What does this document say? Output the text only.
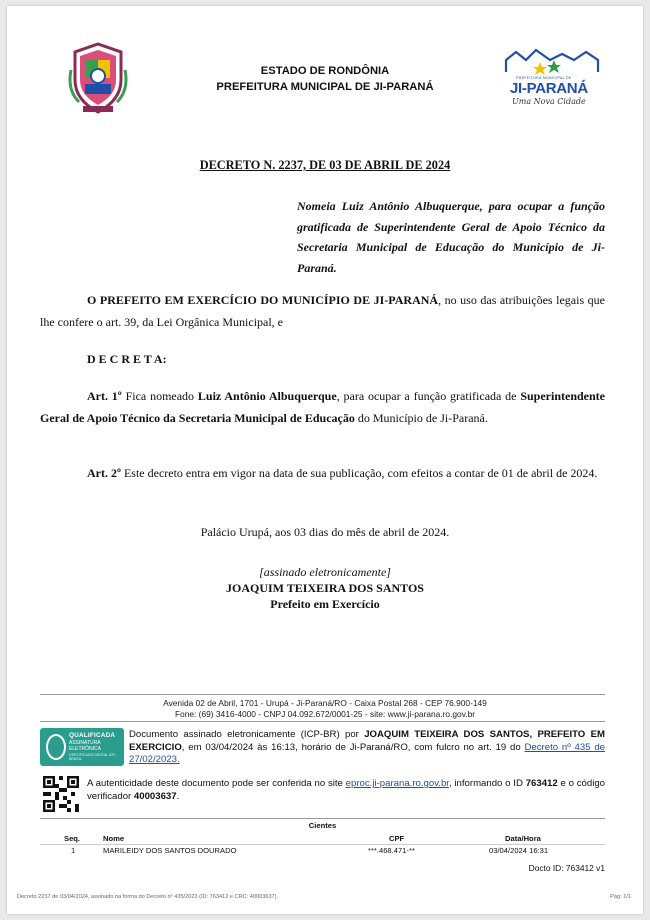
ESTADO DE RONDÔNIA
PREFEITURA MUNICIPAL DE JI-PARANÁ
PREFEITURA MUNICIPAL DE
JI-PARANÁ
Uma Nova Cidade
DECRETO N. 2237, DE 03 DE ABRIL DE 2024
Nomeia Luiz Antônio Albuquerque, para ocupar a função gratificada de Superintendente Geral de Apoio Técnico da Secretaria Municipal de Educação do Município de Ji-Paraná.
O PREFEITO EM EXERCÍCIO DO MUNICÍPIO DE JI-PARANÁ, no uso das atribuições legais que lhe confere o art. 39, da Lei Orgânica Municipal, e
D E C R E T A:
Art. 1º Fica nomeado Luiz Antônio Albuquerque, para ocupar a função gratificada de Superintendente Geral de Apoio Técnico da Secretaria Municipal de Educação do Município de Ji-Paraná.
Art. 2º Este decreto entra em vigor na data de sua publicação, com efeitos a contar de 01 de abril de 2024.
Palácio Urupá, aos 03 dias do mês de abril de 2024.
[assinado eletronicamente]
JOAQUIM TEIXEIRA DOS SANTOS
Prefeito em Exercício
Avenida 02 de Abril, 1701 - Urupá - Ji-Paraná/RO - Caixa Postal 268 - CEP 76.900-149
Fone: (69) 3416-4000 - CNPJ 04.092.672/0001-25 - site: www.ji-parana.ro.gov.br
QUALIFICADA
ASSINATURA ELETRÔNICA
CERTIFICADO DIGITAL ICP - BRASIL
Documento assinado eletronicamente (ICP-BR) por JOAQUIM TEIXEIRA DOS SANTOS, PREFEITO EM EXERCICIO, em 03/04/2024 às 16:13, horário de Ji-Paraná/RO, com fulcro no art. 19 do Decreto nº 435 de 27/02/2023.
A autenticidade deste documento pode ser conferida no site eproc.ji-parana.ro.gov.br, informando o ID 763412 e o código verificador 40003637.
Cientes
Seq.	Nome	CPF	Data/Hora
1	MARILEIDY DOS SANTOS DOURADO	***.468.471-**	03/04/2024 16:31
Docto ID: 763412 v1
Decreto 2237 de 03/04/2024, assinado na forma do Decreto nº 435/2023 (ID: 763412 e CRC: 40003637).	Pág: 1/1
